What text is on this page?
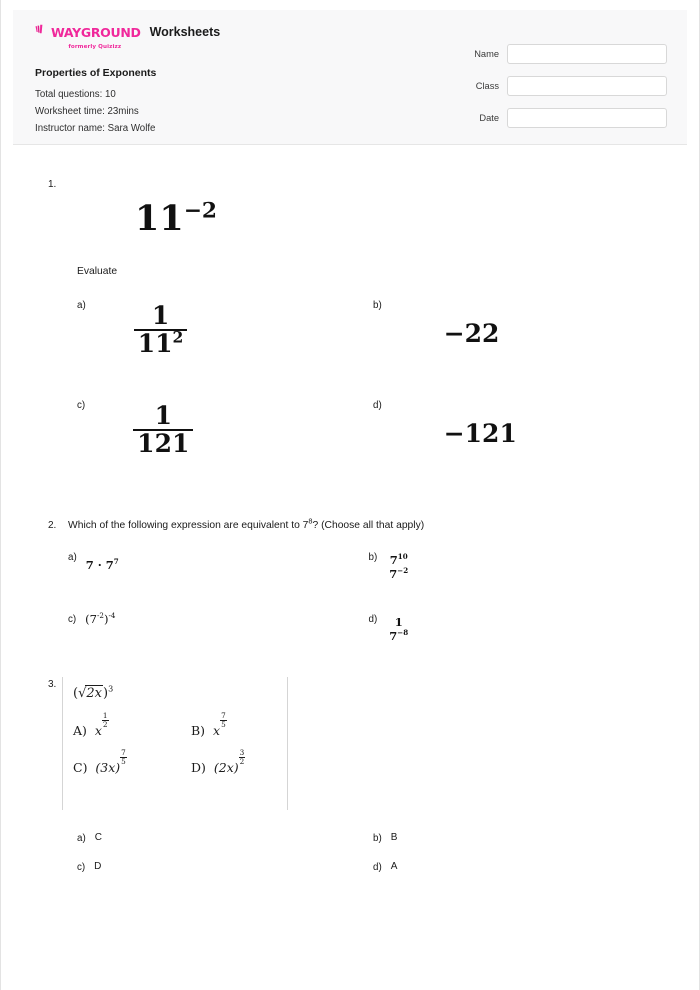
WAYGROUND
formerly Quizizz
Worksheets
Properties of Exponents
Total questions: 10
Worksheet time: 23mins
Instructor name: Sara Wolfe
Name
Class
Date
1.
$11^{-2}$
Evaluate
$a) \frac{1}{11^2}$	b)
−22
$c) \frac{1}{121}$	d)
−121
2. Which of the following expression are equivalent to $7^8$? (Choose all that apply)
a)
$7 \cdot 7^7$	b) $7^{10}$
$7^{-2}$
c) $(7^{-2})^{-4}$	d)	1
$7^{-8}$
3.
$(√2x)^3$
A) x
$\frac{1}{2}$
B) x
$\frac{7}{5}$
C) (3x)
$\frac{7}{5}$
D) (2x)
$\frac{3}{2}$
a) C	b) B
c) D	d) A
